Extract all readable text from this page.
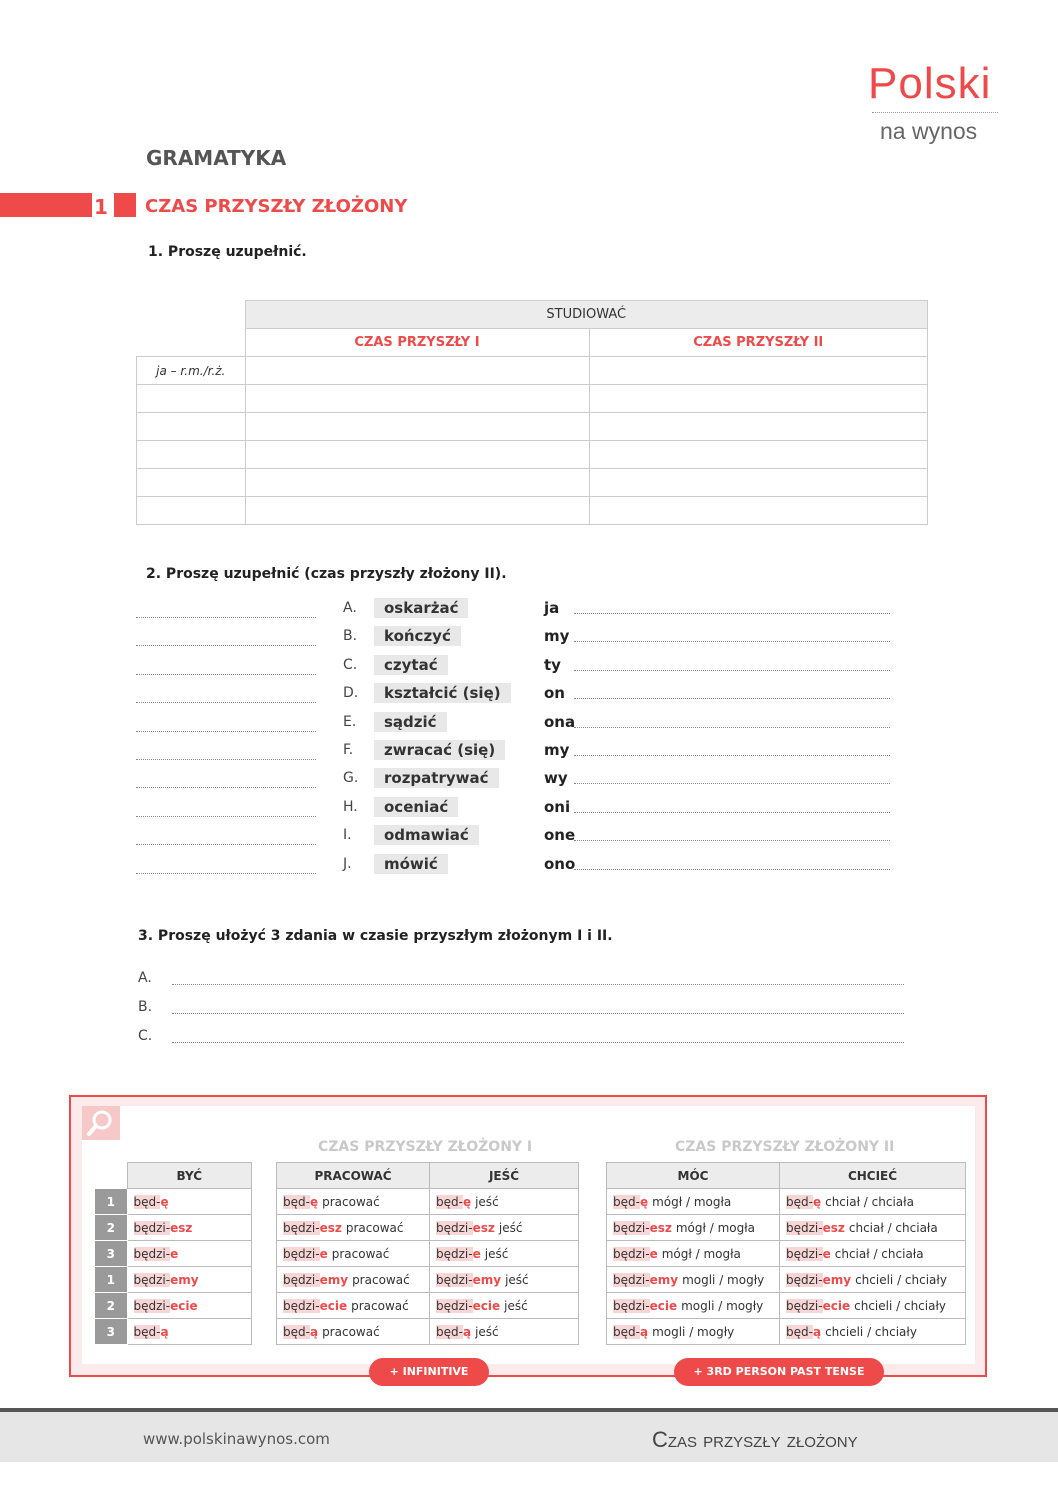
Polski
na wynos
GRAMATYKA
1 CZAS PRZYSZŁY ZŁOŻONY
1. Proszę uzupełnić.
	STUDIOWAĆ	
	CZAS PRZYSZŁY I	CZAS PRZYSZŁY II
ja – r.m./r.ż.		

2. Proszę uzupełnić (czas przyszły złożony II).
A.	oskarżać	ja
B.	kończyć	my
C.	czytać	ty
D.	kształcić (się)	on
E.	sądzić	ona
F.	zwracać (się)	my
G.	rozpatrywać	wy
H.	oceniać	oni
I.	odmawiać	one
J.	mówić	ono
3. Proszę ułożyć 3 zdania w czasie przyszłym złożonym I i II.
A.
B.
C.
CZAS PRZYSZŁY ZŁOŻONY I	CZAS PRZYSZŁY ZŁOŻONY II
	BYĆ
1	będ-ę
2	będzi-esz
3	będzi-e
1	będzi-emy
2	będzi-ecie
3	będ-ą
PRACOWAĆ	JEŚĆ
będ-ę pracować	będ-ę jeść
będzi-esz pracować	będzi-esz jeść
będzi-e pracować	będzi-e jeść
będzi-emy pracować	będzi-emy jeść
będzi-ecie pracować	będzi-ecie jeść
będ-ą pracować	będ-ą jeść
MÓC	CHCIEĆ
będ-ę mógł / mogła	będ-ę chciał / chciała
będzi-esz mógł / mogła	będzi-esz chciał / chciała
będzi-e mógł / mogła	będzi-e chciał / chciała
będzi-emy mogli / mogły	będzi-emy chcieli / chciały
będzi-ecie mogli / mogły	będzi-ecie chcieli / chciały
będ-ą mogli / mogły	będ-ą chcieli / chciały
+ INFINITIVE	+ 3RD PERSON PAST TENSE SG/PL
www.polskinawynos.com	Czas przyszły złożony
